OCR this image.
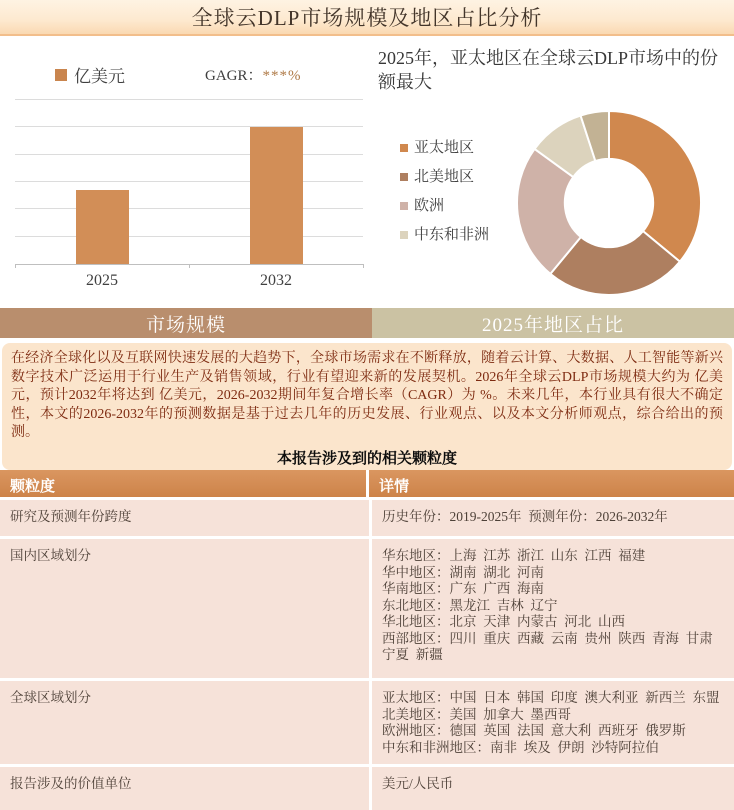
全球云DLP市场规模及地区占比分析
亿美元	GAGR：***%
2025	2032
2025年，亚太地区在全球云DLP市场中的份额最大
亚太地区
北美地区
欧洲
中东和非洲
市场规模	2025年地区占比
在经济全球化以及互联网快速发展的大趋势下，全球市场需求在不断释放，随着云计算、大数据、人工智能等新兴数字技术广泛运用于行业生产及销售领域，行业有望迎来新的发展契机。2026年全球云DLP市场规模大约为 亿美元，预计2032年将达到 亿美元，2026-2032期间年复合增长率（CAGR）为 %。未来几年，本行业具有很大不确定性，本文的2026-2032年的预测数据是基于过去几年的历史发展、行业观点、以及本文分析师观点，综合给出的预测。
本报告涉及到的相关颗粒度
颗粒度	详情
研究及预测年份跨度	历史年份：2019-2025年  预测年份：2026-2032年
国内区域划分	华东地区：上海  江苏  浙江  山东  江西  福建
华中地区：湖南  湖北  河南
华南地区：广东  广西  海南
东北地区：黑龙江  吉林  辽宁
华北地区：北京  天津  内蒙古  河北  山西
西部地区：四川  重庆  西藏  云南  贵州  陕西  青海  甘肃 宁夏  新疆
全球区域划分	亚太地区：中国  日本  韩国  印度  澳大利亚  新西兰  东盟
北美地区：美国  加拿大  墨西哥
欧洲地区：德国  英国  法国  意大利  西班牙  俄罗斯
中东和非洲地区：南非  埃及  伊朗  沙特阿拉伯
报告涉及的价值单位	美元/人民币
